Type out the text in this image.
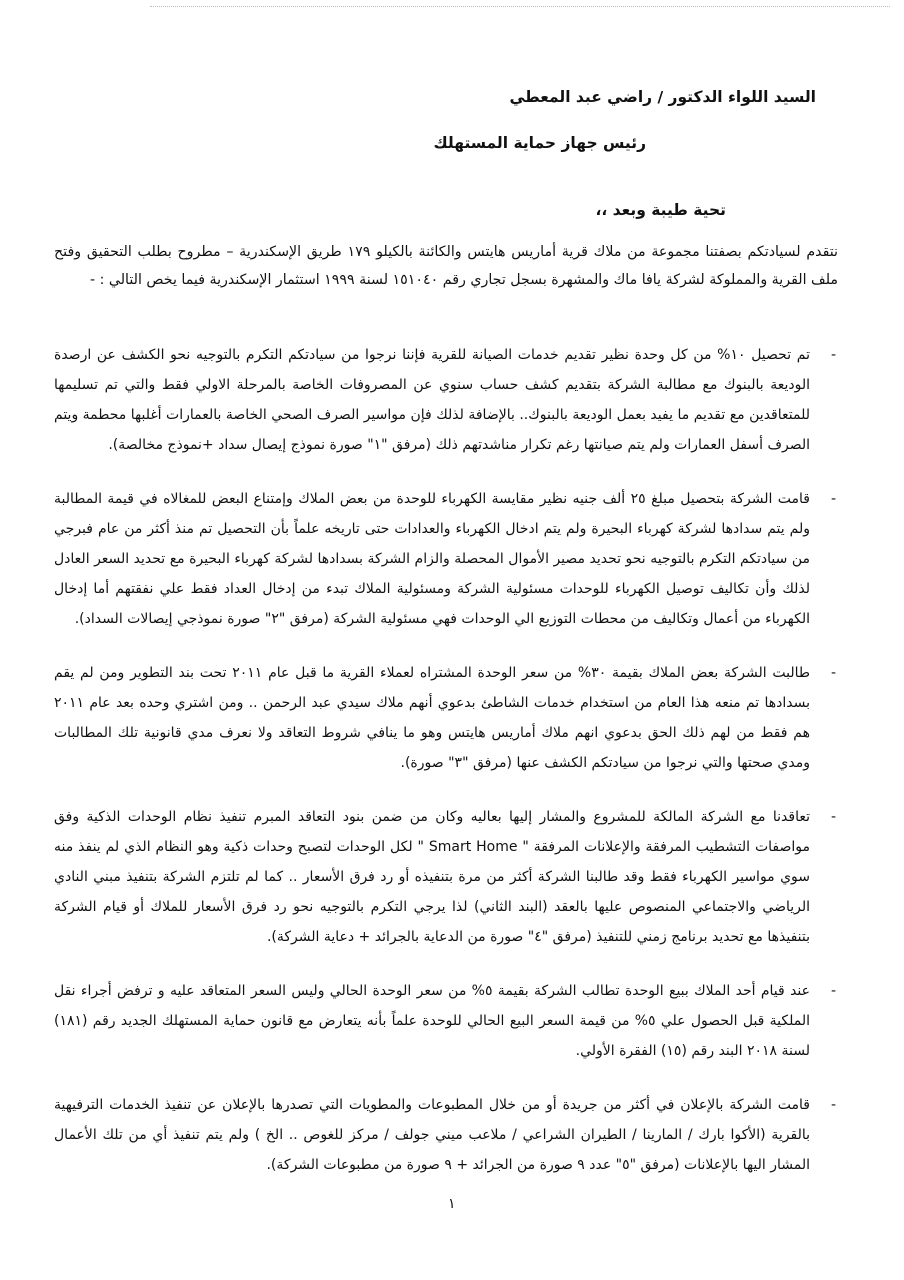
السيد اللواء الدكتور / راضي عبد المعطي

رئيس جهاز حماية المستهلك

تحية طيبة وبعد ،،

نتقدم لسيادتكم بصفتنا مجموعة من ملاك قرية أماريس هايتس والكائنة بالكيلو ١٧٩ طريق الإسكندرية – مطروح بطلب التحقيق وفتح ملف القرية والمملوكة لشركة يافا ماك والمشهرة بسجل تجاري رقم ١٥١٠٤٠ لسنة ١٩٩٩ استثمار الإسكندرية فيما يخص التالي : -

-
تم تحصيل ١٠% من كل وحدة نظير تقديم خدمات الصيانة للقرية فإننا نرجوا من سيادتكم التكرم بالتوجيه نحو الكشف عن ارصدة الوديعة بالبنوك مع مطالبة الشركة بتقديم كشف حساب سنوي عن المصروفات الخاصة بالمرحلة الاولي فقط والتي تم تسليمها للمتعاقدين مع تقديم ما يفيد بعمل الوديعة بالبنوك.. بالإضافة لذلك فإن مواسير الصرف الصحي الخاصة بالعمارات أغلبها محطمة ويتم الصرف أسفل العمارات ولم يتم صيانتها رغم تكرار مناشدتهم ذلك (مرفق "١" صورة نموذج إيصال سداد +نموذج مخالصة).
-
قامت الشركة بتحصيل مبلغ ٢٥ ألف جنيه نظير مقايسة الكهرباء للوحدة من بعض الملاك وإمتناع البعض للمغالاه في قيمة المطالبة ولم يتم سدادها لشركة كهرباء البحيرة ولم يتم ادخال الكهرباء والعدادات حتى تاريخه علماً بأن التحصيل تم منذ أكثر من عام فبرجي من سيادتكم التكرم بالتوجيه نحو تحديد مصير الأموال المحصلة والزام الشركة بسدادها لشركة كهرباء البحيرة مع تحديد السعر العادل لذلك وأن تكاليف توصيل الكهرباء للوحدات مسئولية الشركة ومسئولية الملاك تبدء من إدخال العداد فقط علي نفقتهم أما إدخال الكهرباء من أعمال وتكاليف من محطات التوزيع الي الوحدات فهي مسئولية الشركة (مرفق "٢" صورة نموذجي إيصالات السداد).
-
طالبت الشركة بعض الملاك بقيمة ٣٠% من سعر الوحدة المشتراه لعملاء القرية ما قبل عام ٢٠١١ تحت بند التطوير ومن لم يقم بسدادها تم منعه هذا العام من استخدام خدمات الشاطئ بدعوي أنهم ملاك سيدي عبد الرحمن .. ومن اشتري وحده بعد عام ٢٠١١ هم فقط من لهم ذلك الحق بدعوي انهم ملاك أماريس هايتس وهو ما ينافي شروط التعاقد ولا نعرف مدي قانونية تلك المطالبات ومدي صحتها والتي نرجوا من سيادتكم الكشف عنها (مرفق "٣" صورة).
-
تعاقدنا مع الشركة المالكة للمشروع والمشار إليها بعاليه وكان من ضمن بنود التعاقد المبرم تنفيذ نظام الوحدات الذكية وفق مواصفات التشطيب المرفقة والإعلانات المرفقة " Smart Home " لكل الوحدات لتصبح وحدات ذكية وهو النظام الذي لم ينفذ منه سوي مواسير الكهرباء فقط وقد طالبنا الشركة أكثر من مرة بتنفيذه أو رد فرق الأسعار .. كما لم تلتزم الشركة بتنفيذ مبني النادي الرياضي والاجتماعي المنصوص عليها بالعقد (البند الثاني) لذا يرجي التكرم بالتوجيه نحو رد فرق الأسعار للملاك أو قيام الشركة بتنفيذها مع تحديد برنامج زمني للتنفيذ (مرفق "٤" صورة من الدعاية بالجرائد + دعاية الشركة).
-
عند قيام أحد الملاك ببيع الوحدة تطالب الشركة بقيمة ٥% من سعر الوحدة الحالي وليس السعر المتعاقد عليه و ترفض أجراء نقل الملكية قبل الحصول علي ٥% من قيمة السعر البيع الحالي للوحدة علماً بأنه يتعارض مع قانون حماية المستهلك الجديد رقم (١٨١) لسنة ٢٠١٨ البند رقم (١٥) الفقرة الأولي.
-
قامت الشركة بالإعلان في أكثر من جريدة أو من خلال المطبوعات والمطويات التي تصدرها بالإعلان عن تنفيذ الخدمات الترفيهية بالقرية (الأكوا بارك / المارينا / الطيران الشراعي / ملاعب ميني جولف / مركز للغوص .. الخ ) ولم يتم تنفيذ أي من تلك الأعمال المشار اليها بالإعلانات (مرفق "٥" عدد ٩ صورة من الجرائد + ٩ صورة من مطبوعات الشركة).

١
